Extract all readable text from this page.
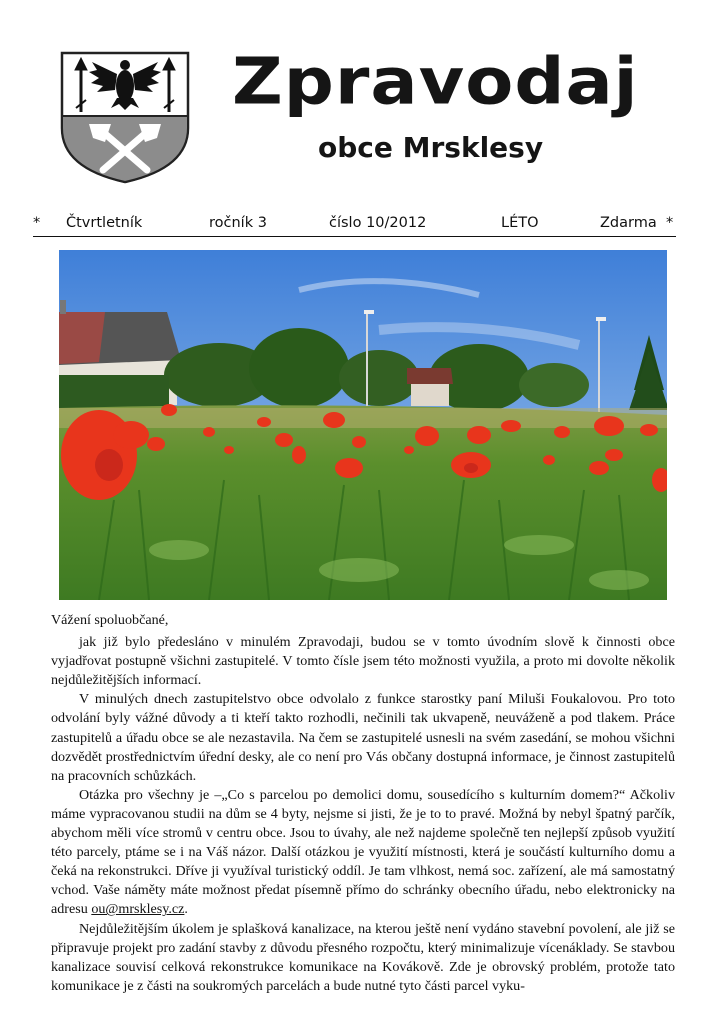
Zpravodaj
obce Mrsklesy
* Čtvrtletník	ročník 3	číslo 10/2012	LÉTO	Zdarma *

Vážení spoluobčané,

jak již bylo předesláno v minulém Zpravodaji, budou se v tomto úvodním slově k činnosti obce vyjadřovat postupně všichni zastupitelé. V tomto čísle jsem této možnosti využila, a proto mi dovolte několik nejdůležitějších informací.

V minulých dnech zastupitelstvo obce odvolalo z funkce starostky paní Miluši Foukalovou. Pro toto odvolání byly vážné důvody a ti kteří takto rozhodli, nečinili tak ukvapeně, neuváženě a pod tlakem. Práce zastupitelů a úřadu obce se ale nezastavila. Na čem se zastupitelé usnesli na svém zasedání, se mohou všichni dozvědět prostřednictvím úřední desky, ale co není pro Vás občany dostupná informace, je činnost zastupitelů na pracovních schůzkách.

Otázka pro všechny je –„Co s parcelou po demolici domu, sousedícího s kulturním domem?“ Ačkoliv máme vypracovanou studii na dům se 4 byty, nejsme si jisti, že je to to pravé. Možná by nebyl špatný parčík, abychom měli více stromů v centru obce. Jsou to úvahy, ale než najdeme společně ten nejlepší způsob využití této parcely, ptáme se i na Váš názor. Další otázkou je využití místnosti, která je součástí kulturního domu a čeká na rekonstrukci. Dříve ji využíval turistický oddíl. Je tam vlhkost, nemá soc. zařízení, ale má samostatný vchod. Vaše náměty máte možnost předat písemně přímo do schránky obecního úřadu, nebo elektronicky na adresu ou@mrsklesy.cz.

Nejdůležitějším úkolem je splašková kanalizace, na kterou ještě není vydáno stavební povolení, ale již se připravuje projekt pro zadání stavby z důvodu přesného rozpočtu, který minimalizuje vícenáklady. Se stavbou kanalizace souvisí celková rekonstrukce komunikace na Kovákově. Zde je obrovský problém, protože tato komunikace je z části na soukromých parcelách a bude nutné tyto části parcel vyku-
